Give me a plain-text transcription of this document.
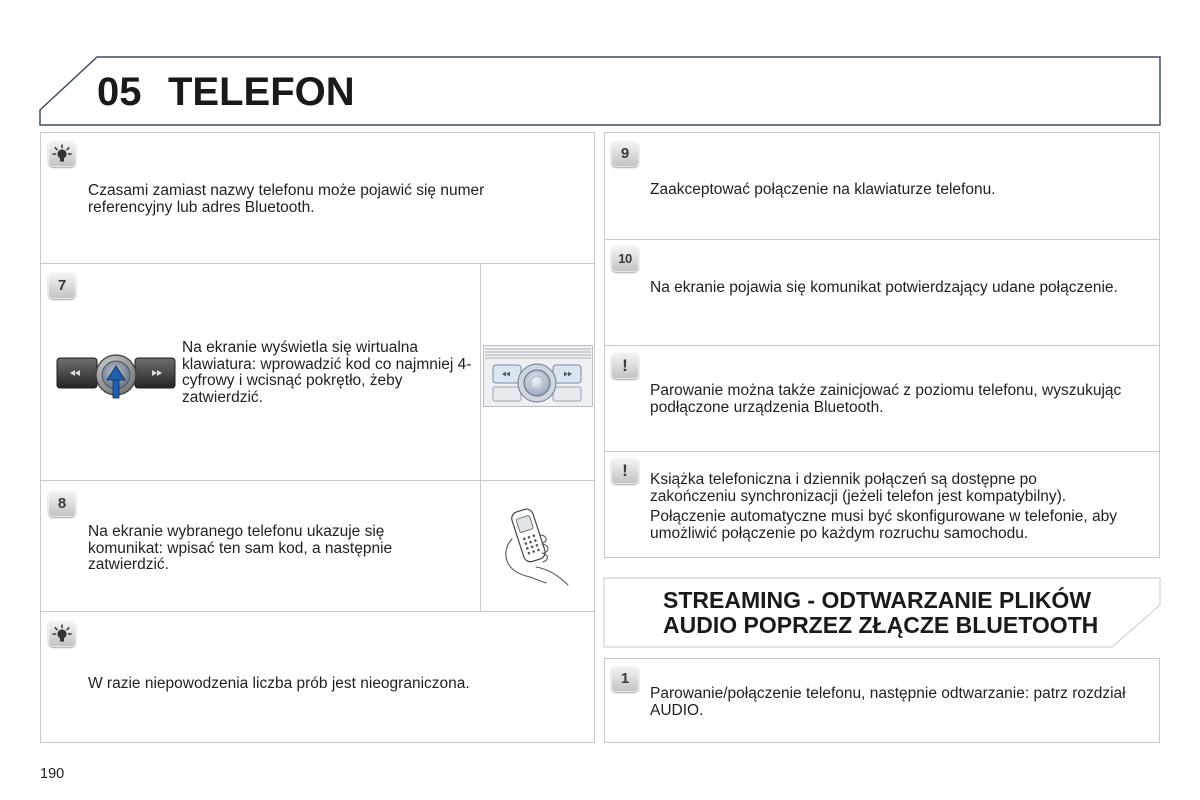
05 TELEFON
Czasami zamiast nazwy telefonu może pojawić się numer referencyjny lub adres Bluetooth.
7
Na ekranie wyświetla się wirtualna klawiatura: wprowadzić kod co najmniej 4-cyfrowy i wcisnąć pokrętło, żeby zatwierdzić.
8
Na ekranie wybranego telefonu ukazuje się komunikat: wpisać ten sam kod, a następnie zatwierdzić.
W razie niepowodzenia liczba prób jest nieograniczona.
9
Zaakceptować połączenie na klawiaturze telefonu.
10
Na ekranie pojawia się komunikat potwierdzający udane połączenie.
!
Parowanie można także zainicjować z poziomu telefonu, wyszukując podłączone urządzenia Bluetooth.
!	Książka telefoniczna i dziennik połączeń są dostępne po zakończeniu synchronizacji (jeżeli telefon jest kompatybilny).
Połączenie automatyczne musi być skonfigurowane w telefonie, aby umożliwić połączenie po każdym rozruchu samochodu.
STREAMING - ODTWARZANIE PLIKÓW
AUDIO POPRZEZ ZŁĄCZE BLUETOOTH
1
Parowanie/połączenie telefonu, następnie odtwarzanie: patrz rozdział AUDIO.
190
